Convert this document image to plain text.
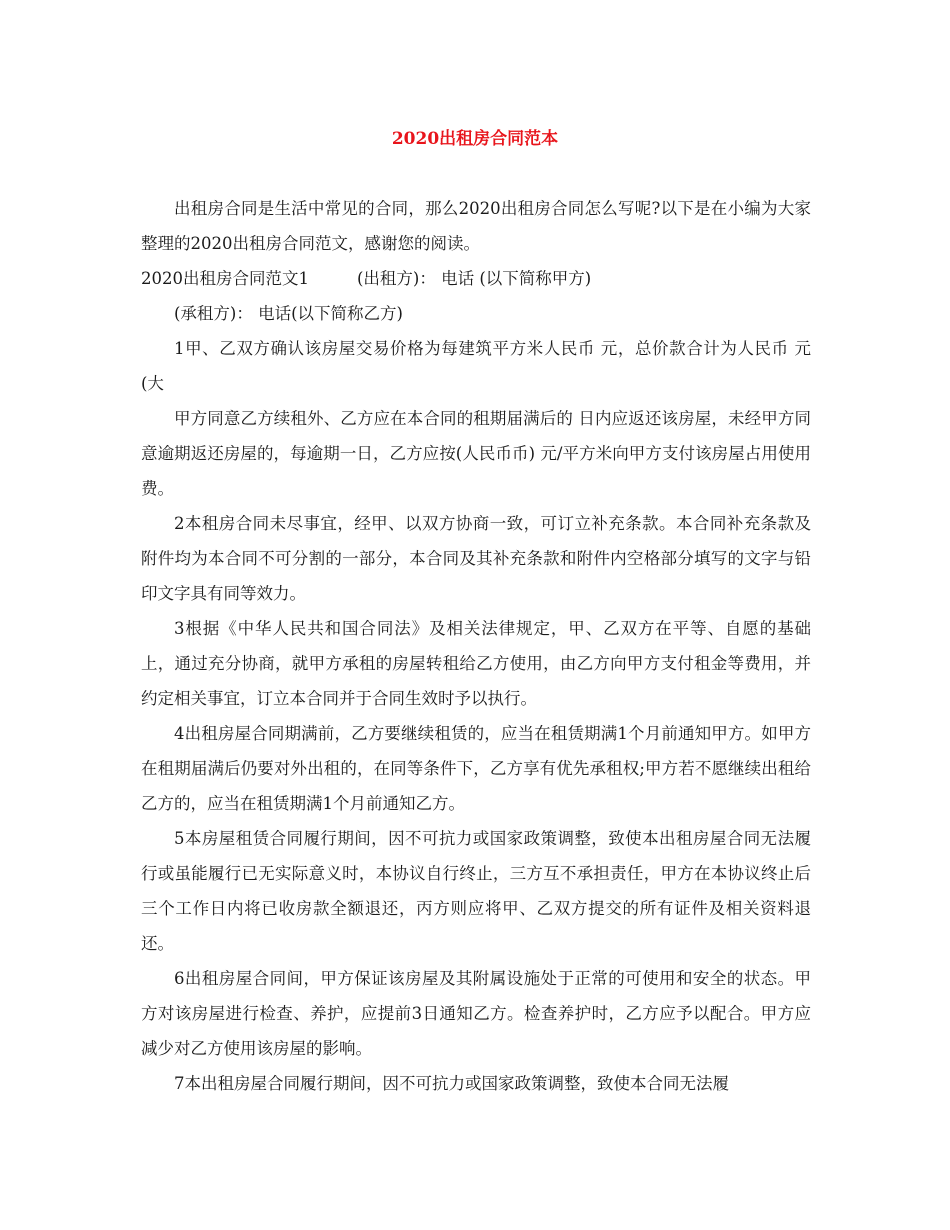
2020出租房合同范本

出租房合同是生活中常见的合同，那么2020出租房合同怎么写呢?以下是在小编为大家整理的2020出租房合同范文，感谢您的阅读。

2020出租房合同范文1	(出租方)： 电话 (以下简称甲方)

(承租方)： 电话(以下简称乙方)

1甲、乙双方确认该房屋交易价格为每建筑平方米人民币 元，总价款合计为人民币 元(大

甲方同意乙方续租外、乙方应在本合同的租期届满后的 日内应返还该房屋，未经甲方同意逾期返还房屋的，每逾期一日，乙方应按(人民币币) 元/平方米向甲方支付该房屋占用使用费。

2本租房合同未尽事宜，经甲、以双方协商一致，可订立补充条款。本合同补充条款及附件均为本合同不可分割的一部分，本合同及其补充条款和附件内空格部分填写的文字与铅印文字具有同等效力。

3根据《中华人民共和国合同法》及相关法律规定，甲、乙双方在平等、自愿的基础上，通过充分协商，就甲方承租的房屋转租给乙方使用，由乙方向甲方支付租金等费用，并约定相关事宜，订立本合同并于合同生效时予以执行。

4出租房屋合同期满前，乙方要继续租赁的，应当在租赁期满1个月前通知甲方。如甲方在租期届满后仍要对外出租的，在同等条件下，乙方享有优先承租权;甲方若不愿继续出租给乙方的，应当在租赁期满1个月前通知乙方。

5本房屋租赁合同履行期间，因不可抗力或国家政策调整，致使本出租房屋合同无法履行或虽能履行已无实际意义时，本协议自行终止，三方互不承担责任，甲方在本协议终止后三个工作日内将已收房款全额退还，丙方则应将甲、乙双方提交的所有证件及相关资料退还。

6出租房屋合同间，甲方保证该房屋及其附属设施处于正常的可使用和安全的状态。甲方对该房屋进行检查、养护，应提前3日通知乙方。检查养护时，乙方应予以配合。甲方应减少对乙方使用该房屋的影响。

7本出租房屋合同履行期间，因不可抗力或国家政策调整，致使本合同无法履
